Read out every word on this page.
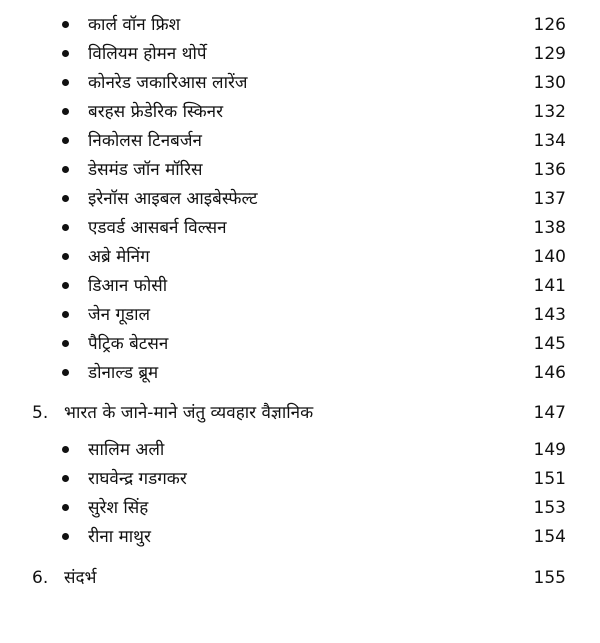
कार्ल वॉन फ्रिश	126
विलियम होमन थोर्पे	129
कोनरेड जकारिआस लारेंज	130
बरहस फ्रेडेरिक स्किनर	132
निकोलस टिनबर्जन	134
डेसमंड जॉन मॉरिस	136
इरेनॉस आइबल आइबेस्फेल्ट	137
एडवर्ड आसबर्न विल्सन	138
अब्रे मेनिंग	140
डिआन फोसी	141
जेन गूडाल	143
पैट्रिक बेटसन	145
डोनाल्ड ब्रूम	146
5. भारत के जाने-माने जंतु व्यवहार वैज्ञानिक	147
सालिम अली	149
राघवेन्द्र गडगकर	151
सुरेश सिंह	153
रीना माथुर	154
6. संदर्भ	155
